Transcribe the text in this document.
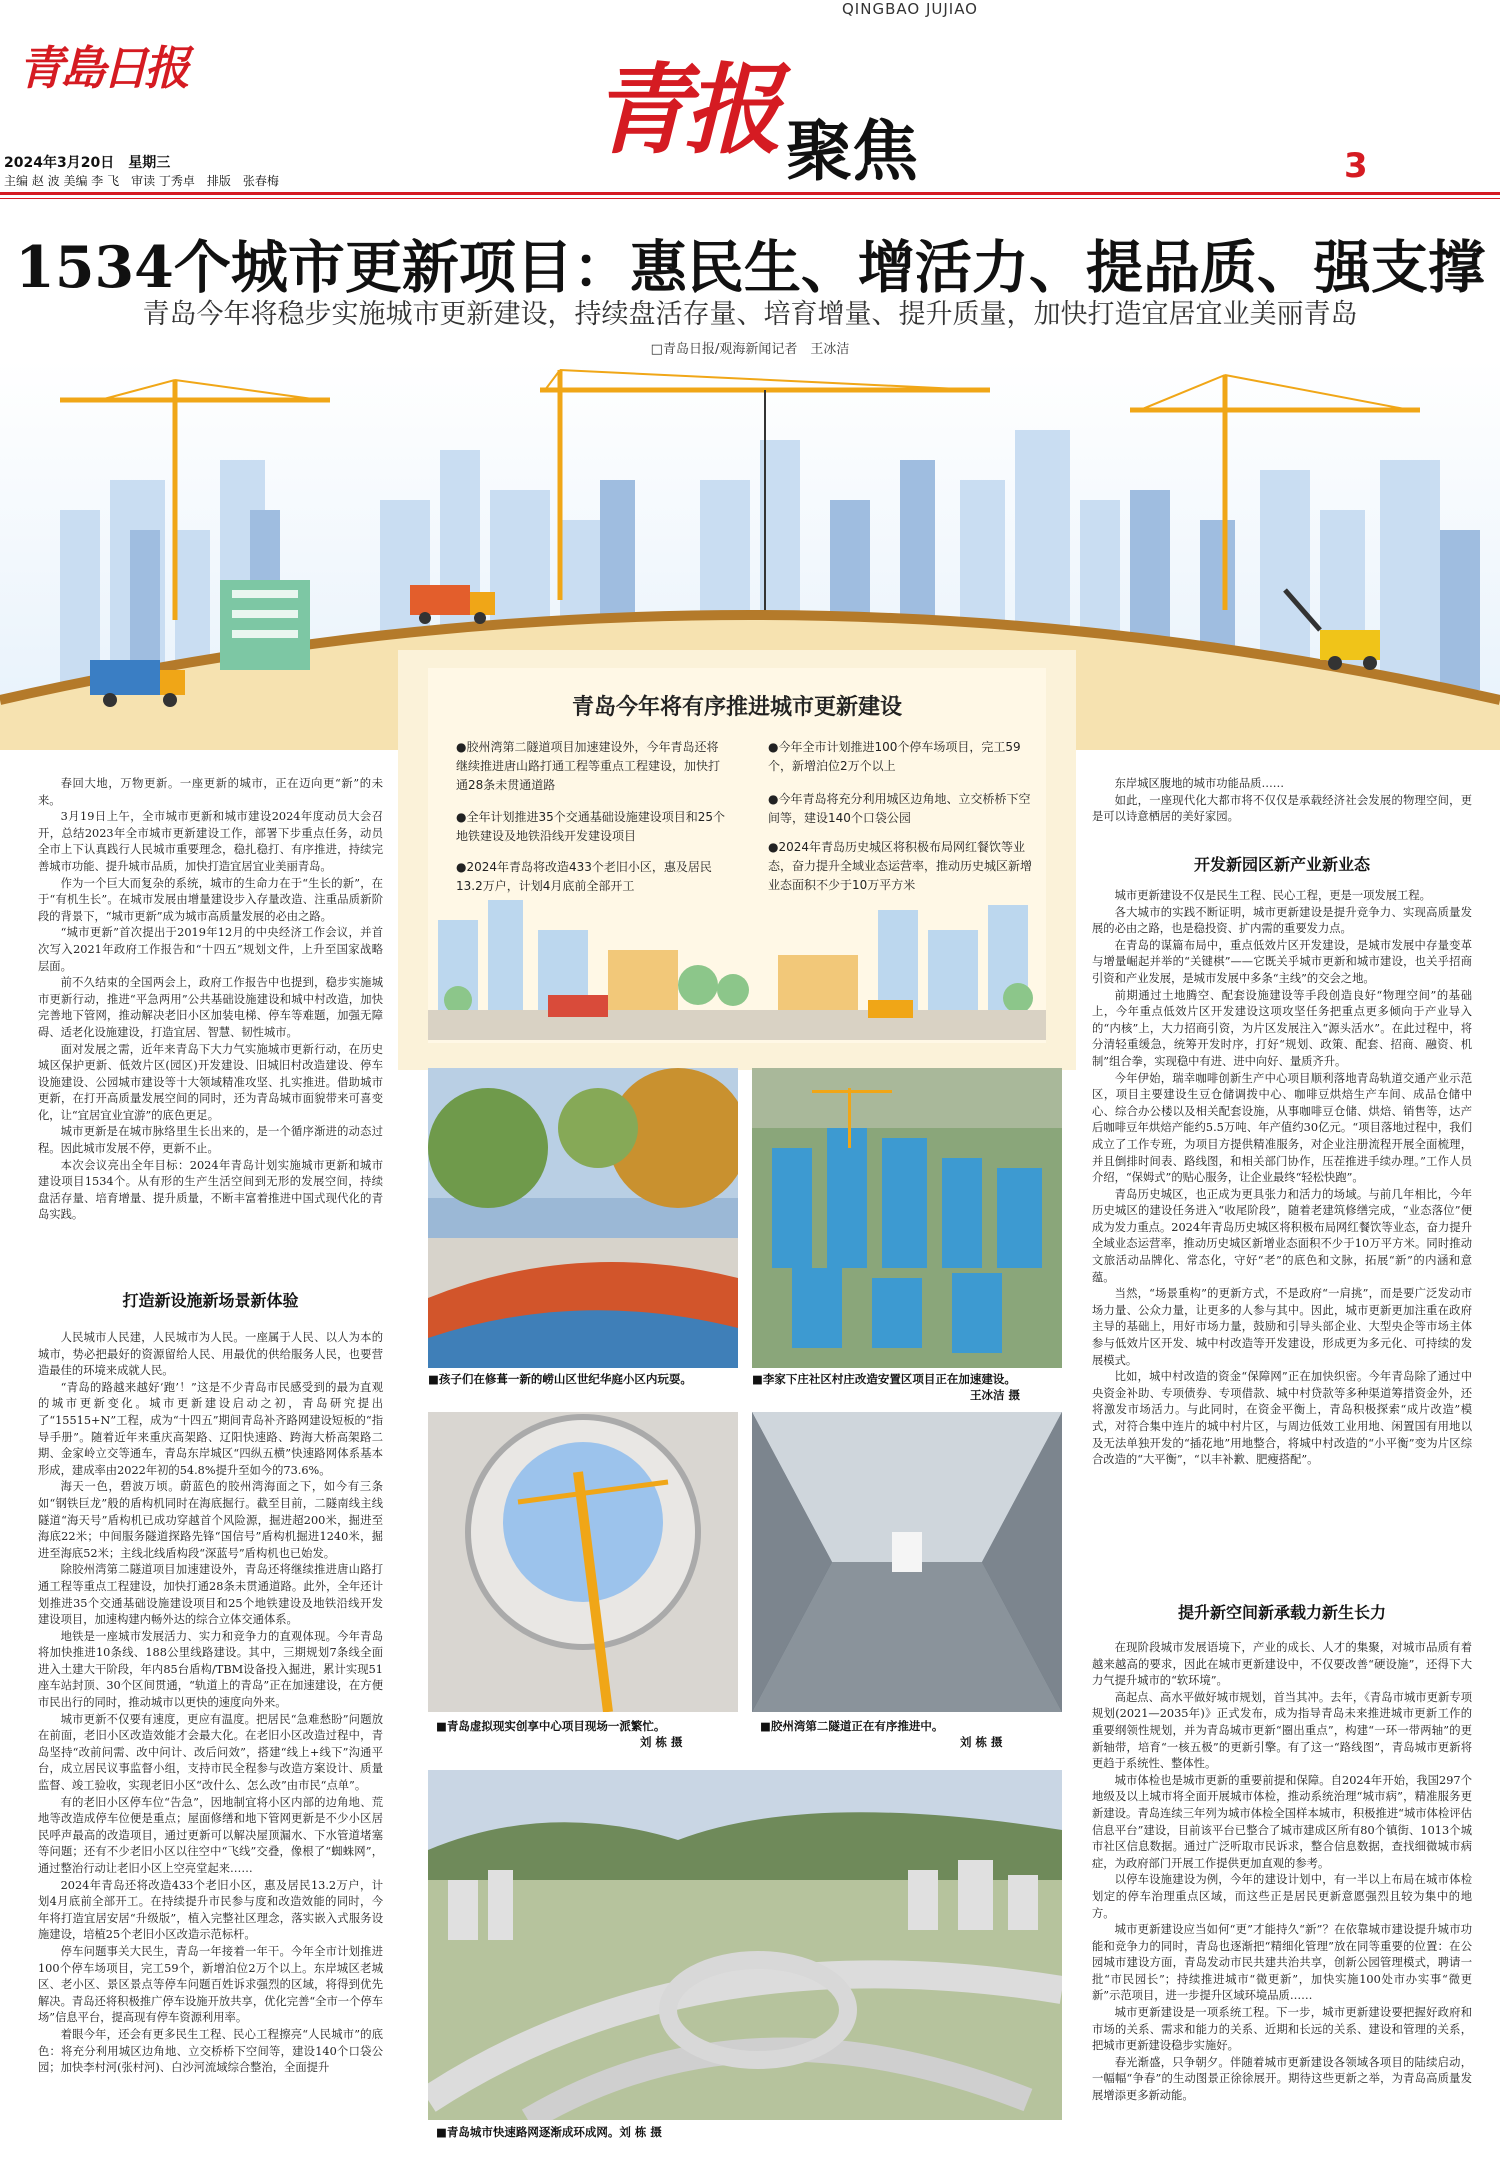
QINGBAO JUJIAO
青島日报	青报 聚焦
2024年3月20日　星期三
主编 赵 波 美编 李 飞　审读 丁秀卓　排版　张春梅	3
1534个城市更新项目：惠民生、增活力、提品质、强支撑
青岛今年将稳步实施城市更新建设，持续盘活存量、培育增量、提升质量，加快打造宜居宜业美丽青岛
□青岛日报/观海新闻记者　王冰洁
青岛今年将有序推进城市更新建设
●胶州湾第二隧道项目加速建设外，今年青岛还将继续推进唐山路打通工程等重点工程建设，加快打通28条未贯通道路
●全年计划推进35个交通基础设施建设项目和25个地铁建设及地铁沿线开发建设项目
●2024年青岛将改造433个老旧小区，惠及居民13.2万户，计划4月底前全部开工
●今年全市计划推进100个停车场项目，完工59个，新增泊位2万个以上
●今年青岛将充分利用城区边角地、立交桥桥下空间等，建设140个口袋公园
●2024年青岛历史城区将积极布局网红餐饮等业态，奋力提升全域业态运营率，推动历史城区新增业态面积不少于10万平方米

春回大地，万物更新。一座更新的城市，正在迈向更“新”的未来。

3月19日上午，全市城市更新和城市建设2024年度动员大会召开，总结2023年全市城市更新建设工作，部署下步重点任务，动员全市上下认真践行人民城市重要理念，稳扎稳打、有序推进，持续完善城市功能、提升城市品质，加快打造宜居宜业美丽青岛。

作为一个巨大而复杂的系统，城市的生命力在于“生长的新”，在于“有机生长”。在城市发展由增量建设步入存量改造、注重品质新阶段的背景下，“城市更新”成为城市高质量发展的必由之路。

“城市更新”首次提出于2019年12月的中央经济工作会议，并首次写入2021年政府工作报告和“十四五”规划文件，上升至国家战略层面。

前不久结束的全国两会上，政府工作报告中也提到，稳步实施城市更新行动，推进“平急两用”公共基础设施建设和城中村改造，加快完善地下管网，推动解决老旧小区加装电梯、停车等难题，加强无障碍、适老化设施建设，打造宜居、智慧、韧性城市。

面对发展之需，近年来青岛下大力气实施城市更新行动，在历史城区保护更新、低效片区(园区)开发建设、旧城旧村改造建设、停车设施建设、公园城市建设等十大领域精准攻坚、扎实推进。借助城市更新，在打开高质量发展空间的同时，还为青岛城市面貌带来可喜变化，让“宜居宜业宜游”的底色更足。

城市更新是在城市脉络里生长出来的，是一个循序渐进的动态过程。因此城市发展不停，更新不止。

本次会议亮出全年目标：2024年青岛计划实施城市更新和城市建设项目1534个。从有形的生产生活空间到无形的发展空间，持续盘活存量、培育增量、提升质量，不断丰富着推进中国式现代化的青岛实践。

打造新设施新场景新体验

人民城市人民建，人民城市为人民。一座属于人民、以人为本的城市，势必把最好的资源留给人民、用最优的供给服务人民，也要营造最佳的环境来成就人民。

“青岛的路越来越好‘跑’！”这是不少青岛市民感受到的最为直观的城市更新变化。城市更新建设启动之初，青岛研究提出了“15515+N”工程，成为“十四五”期间青岛补齐路网建设短板的“指导手册”。随着近年来重庆高架路、辽阳快速路、跨海大桥高架路二期、金家岭立交等通车，青岛东岸城区“四纵五横”快速路网体系基本形成，建成率由2022年初的54.8%提升至如今的73.6%。

海天一色，碧波万顷。蔚蓝色的胶州湾海面之下，如今有三条如“钢铁巨龙”般的盾构机同时在海底掘行。截至目前，二隧南线主线隧道“海天号”盾构机已成功穿越首个风险源，掘进超200米，掘进至海底22米；中间服务隧道探路先锋“国信号”盾构机掘进1240米，掘进至海底52米；主线北线盾构段“深蓝号”盾构机也已始发。

除胶州湾第二隧道项目加速建设外，青岛还将继续推进唐山路打通工程等重点工程建设，加快打通28条未贯通道路。此外，全年还计划推进35个交通基础设施建设项目和25个地铁建设及地铁沿线开发建设项目，加速构建内畅外达的综合立体交通体系。

地铁是一座城市发展活力、实力和竞争力的直观体现。今年青岛将加快推进10条线、188公里线路建设。其中，三期规划7条线全面进入土建大干阶段，年内85台盾构/TBM设备投入掘进，累计实现51座车站封顶、30个区间贯通，“轨道上的青岛”正在加速建设，在方便市民出行的同时，推动城市以更快的速度向外来。

城市更新不仅要有速度，更应有温度。把居民“急难愁盼”问题放在前面，老旧小区改造效能才会最大化。在老旧小区改造过程中，青岛坚持“改前问需、改中问计、改后问效”，搭建“线上+线下”沟通平台，成立居民议事监督小组，支持市民全程参与改造方案设计、质量监督、竣工验收，实现老旧小区“改什么、怎么改”由市民“点单”。

有的老旧小区停车位“告急”，因地制宜将小区内部的边角地、荒地等改造成停车位便是重点；屋面修缮和地下管网更新是不少小区居民呼声最高的改造项目，通过更新可以解决屋顶漏水、下水管道堵塞等问题；还有不少老旧小区以往空中“飞线”交叠，像根了“蜘蛛网”，通过整治行动让老旧小区上空亮堂起来……

2024年青岛还将改造433个老旧小区，惠及居民13.2万户，计划4月底前全部开工。在持续提升市民参与度和改造效能的同时，今年将打造宜居安居“升级版”，植入完整社区理念，落实嵌入式服务设施建设，培植25个老旧小区改造示范标杆。

停车问题事关大民生，青岛一年接着一年干。今年全市计划推进100个停车场项目，完工59个，新增泊位2万个以上。东岸城区老城区、老小区、景区景点等停车问题百姓诉求强烈的区域，将得到优先解决。青岛还将积极推广停车设施开放共享，优化完善“全市一个停车场”信息平台，提高现有停车资源利用率。

着眼今年，还会有更多民生工程、民心工程擦亮“人民城市”的底色：将充分利用城区边角地、立交桥桥下空间等，建设140个口袋公园；加快李村河(张村河)、白沙河流域综合整治，全面提升

■孩子们在修葺一新的崂山区世纪华庭小区内玩耍。	■李家下庄社区村庄改造安置区项目正在加速建设。
王冰洁 摄
■青岛虚拟现实创享中心项目现场一派繁忙。
刘 栋 摄
■胶州湾第二隧道正在有序推进中。
刘 栋 摄
■青岛城市快速路网逐渐成环成网。刘 栋 摄

东岸城区腹地的城市功能品质……

如此，一座现代化大都市将不仅仅是承载经济社会发展的物理空间，更是可以诗意栖居的美好家园。

开发新园区新产业新业态

城市更新建设不仅是民生工程、民心工程，更是一项发展工程。

各大城市的实践不断证明，城市更新建设是提升竞争力、实现高质量发展的必由之路，也是稳投资、扩内需的重要发力点。

在青岛的谋篇布局中，重点低效片区开发建设，是城市发展中存量变革与增量崛起并举的“关键棋”——它既关乎城市更新和城市建设，也关乎招商引资和产业发展，是城市发展中多条“主线”的交会之地。

前期通过土地腾空、配套设施建设等手段创造良好“物理空间”的基础上，今年重点低效片区开发建设这项攻坚任务把重点更多倾向于产业导入的“内核”上，大力招商引资，为片区发展注入“源头活水”。在此过程中，将分清轻重缓急，统筹开发时序，打好“规划、政策、配套、招商、融资、机制”组合拳，实现稳中有进、进中向好、量质齐升。

今年伊始，瑞幸咖啡创新生产中心项目顺利落地青岛轨道交通产业示范区，项目主要建设生豆仓储调拨中心、咖啡豆烘焙生产车间、成品仓储中心、综合办公楼以及相关配套设施，从事咖啡豆仓储、烘焙、销售等，达产后咖啡豆年烘焙产能约5.5万吨、年产值约30亿元。“项目落地过程中，我们成立了工作专班，为项目方提供精准服务，对企业注册流程开展全面梳理，并且倒排时间表、路线图，和相关部门协作，压茬推进手续办理。”工作人员介绍，“保姆式”的贴心服务，让企业最终“轻松快跑”。

青岛历史城区，也正成为更具张力和活力的场域。与前几年相比，今年历史城区的建设任务进入“收尾阶段”，随着老建筑修缮完成，“业态落位”便成为发力重点。2024年青岛历史城区将积极布局网红餐饮等业态，奋力提升全域业态运营率，推动历史城区新增业态面积不少于10万平方米。同时推动文旅活动品牌化、常态化，守好“老”的底色和文脉，拓展“新”的内涵和意蕴。

当然，“场景重构”的更新方式，不是政府“一肩挑”，而是要广泛发动市场力量、公众力量，让更多的人参与其中。因此，城市更新更加注重在政府主导的基础上，用好市场力量，鼓励和引导头部企业、大型央企等市场主体参与低效片区开发、城中村改造等开发建设，形成更为多元化、可持续的发展模式。

比如，城中村改造的资金“保障网”正在加快织密。今年青岛除了通过中央资金补助、专项债券、专项借款、城中村贷款等多种渠道筹措资金外，还将激发市场活力。与此同时，在资金平衡上，青岛积极探索“成片改造”模式，对符合集中连片的城中村片区，与周边低效工业用地、闲置国有用地以及无法单独开发的“插花地”用地整合，将城中村改造的“小平衡”变为片区综合改造的“大平衡”，“以丰补歉、肥瘦搭配”。

提升新空间新承载力新生长力

在现阶段城市发展语境下，产业的成长、人才的集聚，对城市品质有着越来越高的要求，因此在城市更新建设中，不仅要改善“硬设施”，还得下大力气提升城市的“软环境”。

高起点、高水平做好城市规划，首当其冲。去年，《青岛市城市更新专项规划(2021—2035年)》正式发布，成为指导青岛未来推进城市更新工作的重要纲领性规划，并为青岛城市更新“圈出重点”，构建“一环一带两轴”的更新轴带，培育“一核五极”的更新引擎。有了这一“路线图”，青岛城市更新将更趋于系统性、整体性。

城市体检也是城市更新的重要前提和保障。自2024年开始，我国297个地级及以上城市将全面开展城市体检，推动系统治理“城市病”，精准服务更新建设。青岛连续三年列为城市体检全国样本城市，积极推进“城市体检评估信息平台”建设，目前该平台已整合了城市建成区所有80个镇街、1013个城市社区信息数据。通过广泛听取市民诉求，整合信息数据，查找细微城市病症，为政府部门开展工作提供更加直观的参考。

以停车设施建设为例，今年的建设计划中，有一半以上布局在城市体检划定的停车治理重点区域，而这些正是居民更新意愿强烈且较为集中的地方。

城市更新建设应当如何“更”才能持久“新”？在依靠城市建设提升城市功能和竞争力的同时，青岛也逐渐把“精细化管理”放在同等重要的位置：在公园城市建设方面，青岛发动市民共建共治共享，创新公园管理模式，聘请一批“市民园长”；持续推进城市“微更新”，加快实施100处市办实事“微更新”示范项目，进一步提升区域环境品质……

城市更新建设是一项系统工程。下一步，城市更新建设要把握好政府和市场的关系、需求和能力的关系、近期和长远的关系、建设和管理的关系，把城市更新建设稳步实施好。

春光渐盛，只争朝夕。伴随着城市更新建设各领域各项目的陆续启动，一幅幅“争春”的生动图景正徐徐展开。期待这些更新之举，为青岛高质量发展增添更多新动能。
